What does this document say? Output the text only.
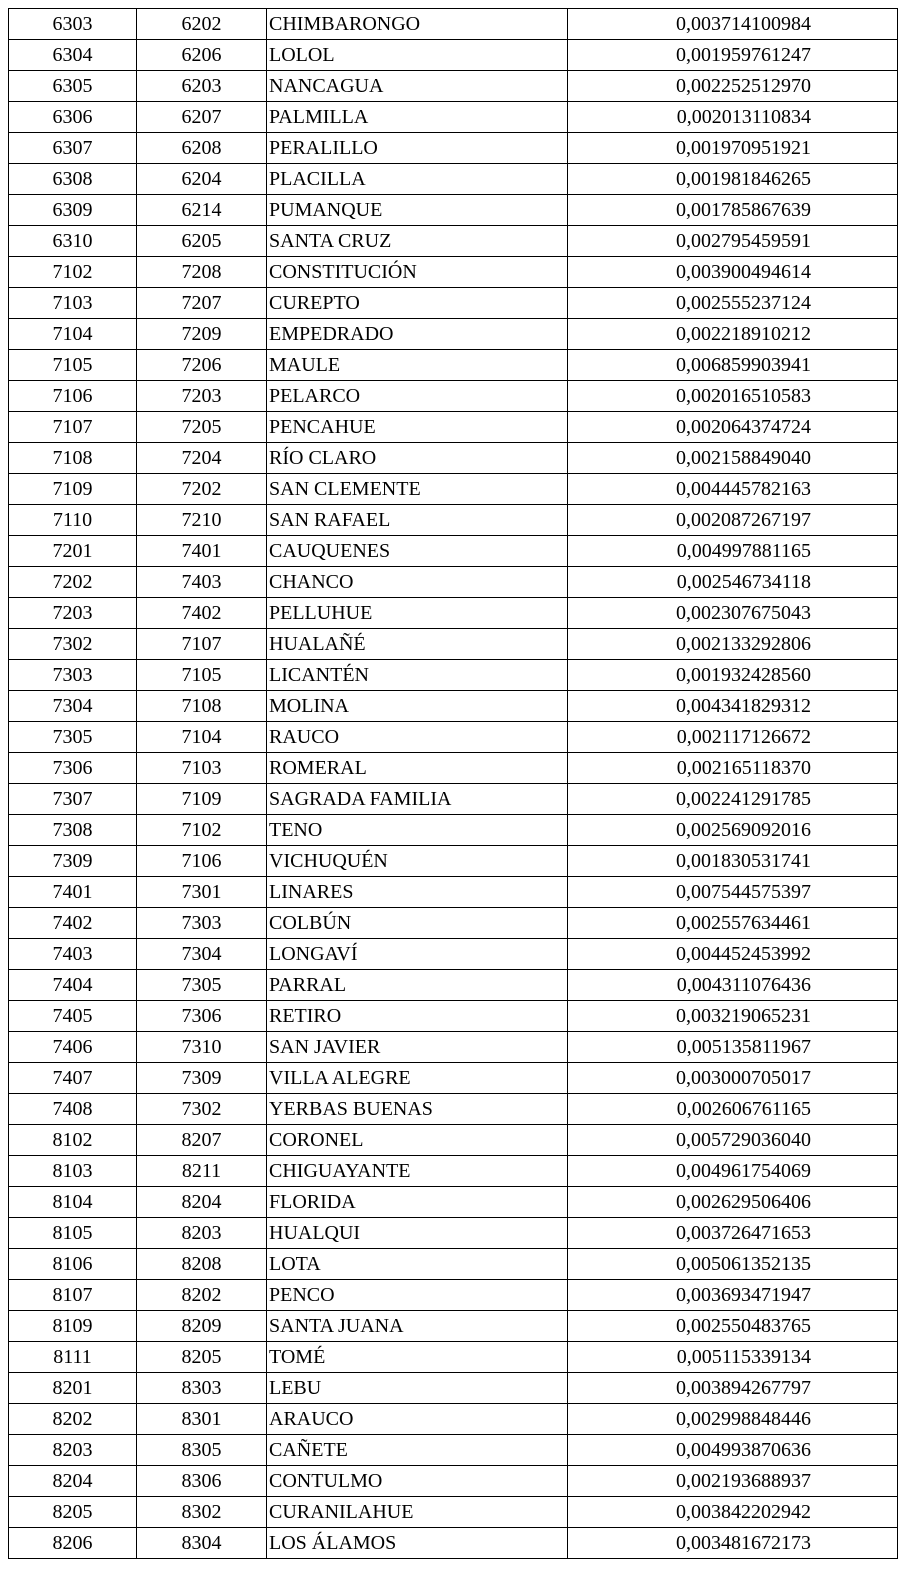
6303	6202	CHIMBARONGO	0,003714100984
6304	6206	LOLOL	0,001959761247
6305	6203	NANCAGUA	0,002252512970
6306	6207	PALMILLA	0,002013110834
6307	6208	PERALILLO	0,001970951921
6308	6204	PLACILLA	0,001981846265
6309	6214	PUMANQUE	0,001785867639
6310	6205	SANTA CRUZ	0,002795459591
7102	7208	CONSTITUCIÓN	0,003900494614
7103	7207	CUREPTO	0,002555237124
7104	7209	EMPEDRADO	0,002218910212
7105	7206	MAULE	0,006859903941
7106	7203	PELARCO	0,002016510583
7107	7205	PENCAHUE	0,002064374724
7108	7204	RÍO CLARO	0,002158849040
7109	7202	SAN CLEMENTE	0,004445782163
7110	7210	SAN RAFAEL	0,002087267197
7201	7401	CAUQUENES	0,004997881165
7202	7403	CHANCO	0,002546734118
7203	7402	PELLUHUE	0,002307675043
7302	7107	HUALAÑÉ	0,002133292806
7303	7105	LICANTÉN	0,001932428560
7304	7108	MOLINA	0,004341829312
7305	7104	RAUCO	0,002117126672
7306	7103	ROMERAL	0,002165118370
7307	7109	SAGRADA FAMILIA	0,002241291785
7308	7102	TENO	0,002569092016
7309	7106	VICHUQUÉN	0,001830531741
7401	7301	LINARES	0,007544575397
7402	7303	COLBÚN	0,002557634461
7403	7304	LONGAVÍ	0,004452453992
7404	7305	PARRAL	0,004311076436
7405	7306	RETIRO	0,003219065231
7406	7310	SAN JAVIER	0,005135811967
7407	7309	VILLA ALEGRE	0,003000705017
7408	7302	YERBAS BUENAS	0,002606761165
8102	8207	CORONEL	0,005729036040
8103	8211	CHIGUAYANTE	0,004961754069
8104	8204	FLORIDA	0,002629506406
8105	8203	HUALQUI	0,003726471653
8106	8208	LOTA	0,005061352135
8107	8202	PENCO	0,003693471947
8109	8209	SANTA JUANA	0,002550483765
8111	8205	TOMÉ	0,005115339134
8201	8303	LEBU	0,003894267797
8202	8301	ARAUCO	0,002998848446
8203	8305	CAÑETE	0,004993870636
8204	8306	CONTULMO	0,002193688937
8205	8302	CURANILAHUE	0,003842202942
8206	8304	LOS ÁLAMOS	0,003481672173
